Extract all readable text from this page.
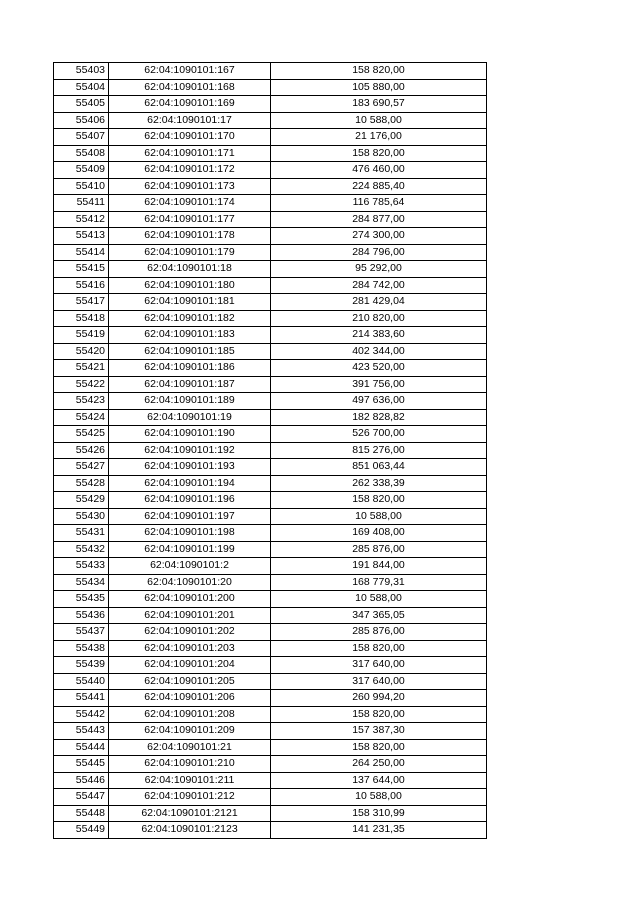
55403	62:04:1090101:167	158 820,00
55404	62:04:1090101:168	105 880,00
55405	62:04:1090101:169	183 690,57
55406	62:04:1090101:17	10 588,00
55407	62:04:1090101:170	21 176,00
55408	62:04:1090101:171	158 820,00
55409	62:04:1090101:172	476 460,00
55410	62:04:1090101:173	224 885,40
55411	62:04:1090101:174	116 785,64
55412	62:04:1090101:177	284 877,00
55413	62:04:1090101:178	274 300,00
55414	62:04:1090101:179	284 796,00
55415	62:04:1090101:18	95 292,00
55416	62:04:1090101:180	284 742,00
55417	62:04:1090101:181	281 429,04
55418	62:04:1090101:182	210 820,00
55419	62:04:1090101:183	214 383,60
55420	62:04:1090101:185	402 344,00
55421	62:04:1090101:186	423 520,00
55422	62:04:1090101:187	391 756,00
55423	62:04:1090101:189	497 636,00
55424	62:04:1090101:19	182 828,82
55425	62:04:1090101:190	526 700,00
55426	62:04:1090101:192	815 276,00
55427	62:04:1090101:193	851 063,44
55428	62:04:1090101:194	262 338,39
55429	62:04:1090101:196	158 820,00
55430	62:04:1090101:197	10 588,00
55431	62:04:1090101:198	169 408,00
55432	62:04:1090101:199	285 876,00
55433	62:04:1090101:2	191 844,00
55434	62:04:1090101:20	168 779,31
55435	62:04:1090101:200	10 588,00
55436	62:04:1090101:201	347 365,05
55437	62:04:1090101:202	285 876,00
55438	62:04:1090101:203	158 820,00
55439	62:04:1090101:204	317 640,00
55440	62:04:1090101:205	317 640,00
55441	62:04:1090101:206	260 994,20
55442	62:04:1090101:208	158 820,00
55443	62:04:1090101:209	157 387,30
55444	62:04:1090101:21	158 820,00
55445	62:04:1090101:210	264 250,00
55446	62:04:1090101:211	137 644,00
55447	62:04:1090101:212	10 588,00
55448	62:04:1090101:2121	158 310,99
55449	62:04:1090101:2123	141 231,35
